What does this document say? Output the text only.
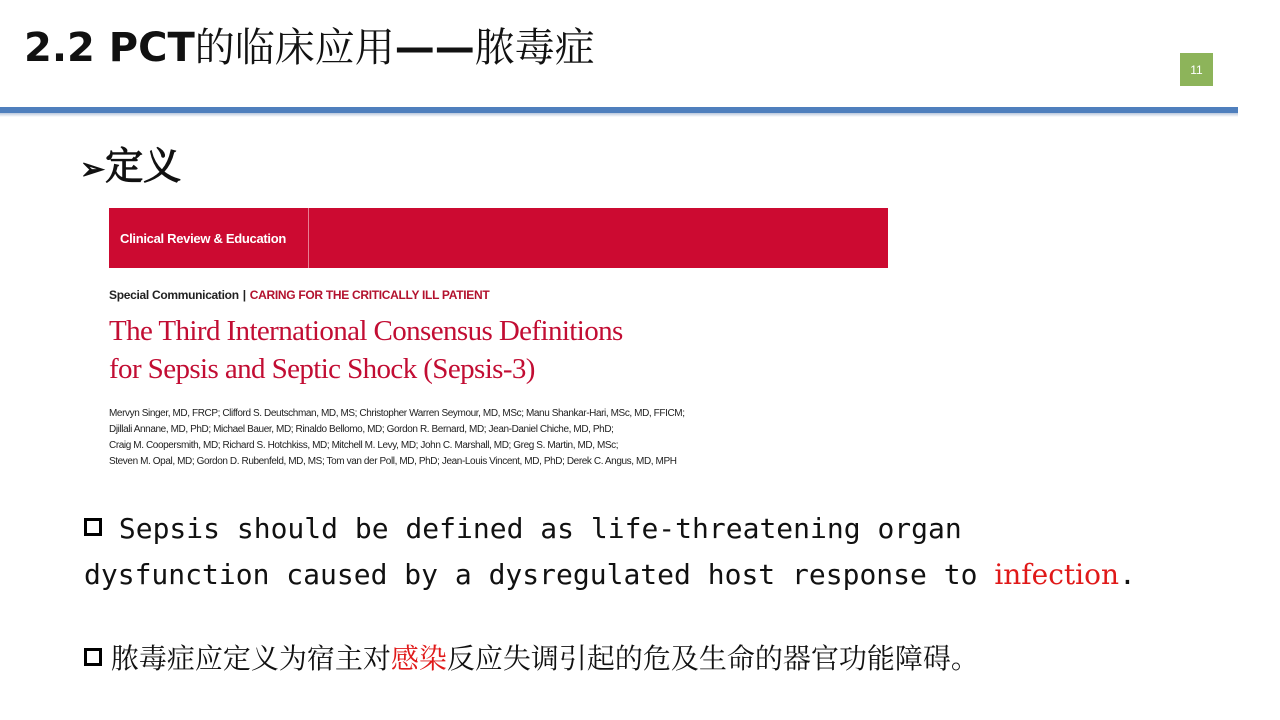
2.2 PCT的临床应用——脓毒症	11
➢定义
Clinical Review & Education
Special Communication | CARING FOR THE CRITICALLY ILL PATIENT
The Third International Consensus Definitions
for Sepsis and Septic Shock (Sepsis-3)
Mervyn Singer, MD, FRCP; Clifford S. Deutschman, MD, MS; Christopher Warren Seymour, MD, MSc; Manu Shankar-Hari, MSc, MD, FFICM;
Djillali Annane, MD, PhD; Michael Bauer, MD; Rinaldo Bellomo, MD; Gordon R. Bernard, MD; Jean-Daniel Chiche, MD, PhD;
Craig M. Coopersmith, MD; Richard S. Hotchkiss, MD; Mitchell M. Levy, MD; John C. Marshall, MD; Greg S. Martin, MD, MSc;
Steven M. Opal, MD; Gordon D. Rubenfeld, MD, MS; Tom van der Poll, MD, PhD; Jean-Louis Vincent, MD, PhD; Derek C. Angus, MD, MPH
Sepsis should be defined as life-threatening organ
dysfunction caused by a dysregulated host response to infection.
脓毒症应定义为宿主对感染反应失调引起的危及生命的器官功能障碍。
